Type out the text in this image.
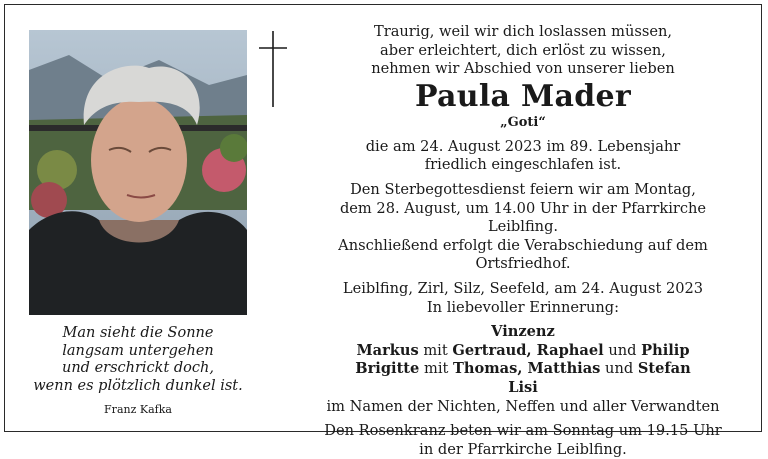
Traurig, weil wir dich loslassen müssen,

aber erleichtert, dich erlöst zu wissen,

nehmen wir Abschied von unserer lieben

Paula Mader

„Goti“

die am 24. August 2023 im 89. Lebensjahr

friedlich eingeschlafen ist.

Den Sterbegottesdienst feiern wir am Montag,

dem 28. August, um 14.00 Uhr in der Pfarrkirche Leiblfing.

Anschließend erfolgt die Verabschiedung auf dem Ortsfriedhof.

Leiblfing, Zirl, Silz, Seefeld, am 24. August 2023

In liebevoller Erinnerung:

Vinzenz

Markus mit Gertraud, Raphael und Philip

Brigitte mit Thomas, Matthias und Stefan

Lisi

im Namen der Nichten, Neffen und aller Verwandten

Den Rosenkranz beten wir am Sonntag um 19.15 Uhr

in der Pfarrkirche Leiblfing.

Man sieht die Sonne
langsam untergehen
und erschrickt doch,
wenn es plötzlich dunkel ist.
Franz Kafka
